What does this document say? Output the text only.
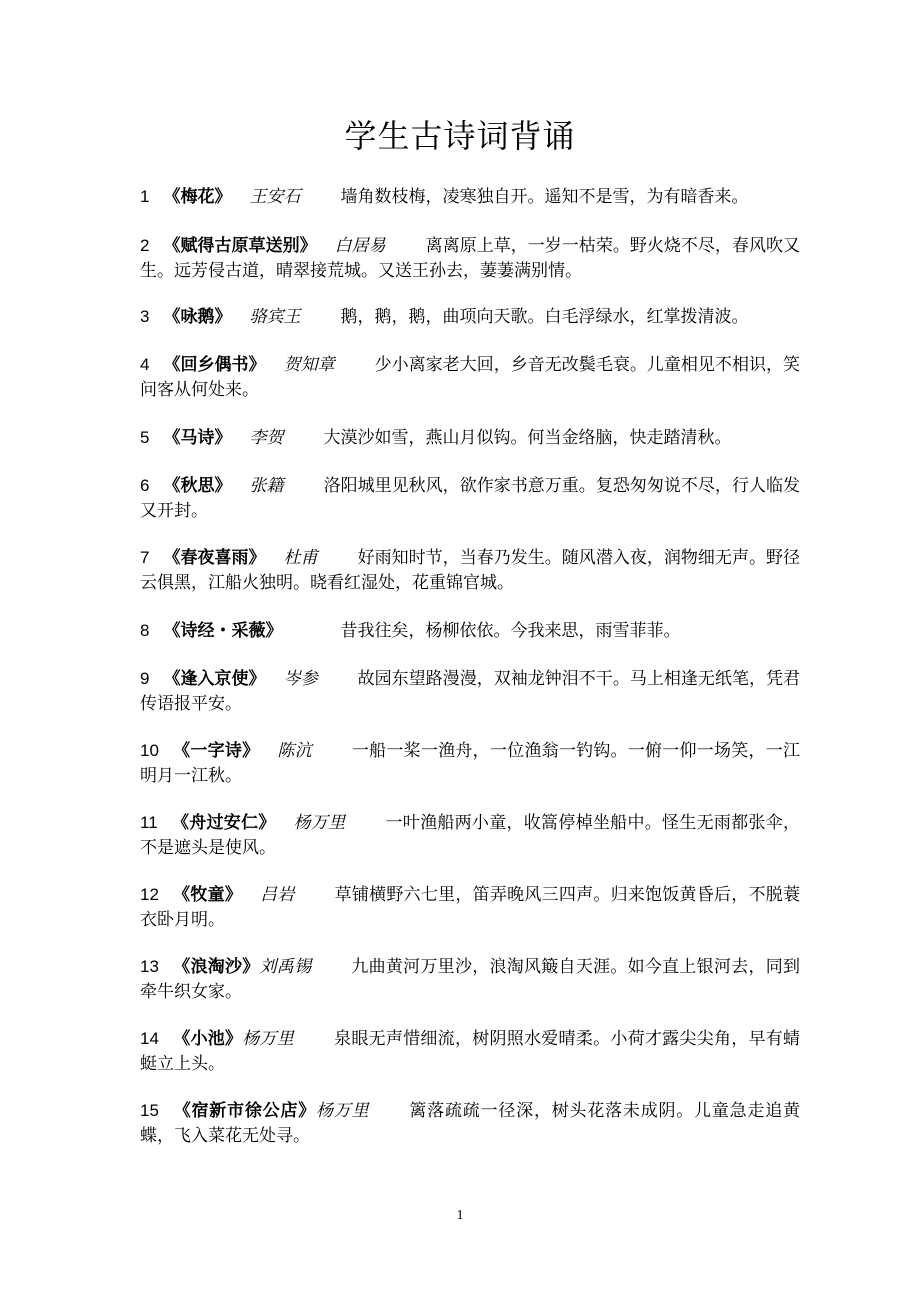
学生古诗词背诵
1 《梅花》 王安石 墙角数枝梅，凌寒独自开。遥知不是雪，为有暗香来。
2 《赋得古原草送别》 白居易 离离原上草，一岁一枯荣。野火烧不尽，春风吹又生。远芳侵古道，晴翠接荒城。又送王孙去，萋萋满别情。
3 《咏鹅》 骆宾王 鹅，鹅，鹅，曲项向天歌。白毛浮绿水，红掌拨清波。
4 《回乡偶书》 贺知章 少小离家老大回，乡音无改鬓毛衰。儿童相见不相识，笑问客从何处来。
5 《马诗》 李贺 大漠沙如雪，燕山月似钩。何当金络脑，快走踏清秋。
6 《秋思》 张籍 洛阳城里见秋风，欲作家书意万重。复恐匆匆说不尽，行人临发又开封。
7 《春夜喜雨》 杜甫 好雨知时节，当春乃发生。随风潜入夜，润物细无声。野径云俱黑，江船火独明。晓看红湿处，花重锦官城。
8 《诗经・采薇》	昔我往矣，杨柳依依。今我来思，雨雪菲菲。
9 《逢入京使》 岑参 故园东望路漫漫，双袖龙钟泪不干。马上相逢无纸笔，凭君传语报平安。
10 《一字诗》 陈沆 一船一桨一渔舟，一位渔翁一钓钩。一俯一仰一场笑，一江明月一江秋。
11 《舟过安仁》 杨万里 一叶渔船两小童，收篙停棹坐船中。怪生无雨都张伞，不是遮头是使风。
12 《牧童》 吕岩 草铺横野六七里，笛弄晚风三四声。归来饱饭黄昏后，不脱蓑衣卧月明。
13 《浪淘沙》刘禹锡 九曲黄河万里沙，浪淘风簸自天涯。如今直上银河去，同到牵牛织女家。
14 《小池》杨万里 泉眼无声惜细流，树阴照水爱晴柔。小荷才露尖尖角，早有蜻蜓立上头。
15 《宿新市徐公店》杨万里 篱落疏疏一径深，树头花落未成阴。儿童急走追黄蝶，飞入菜花无处寻。
1
